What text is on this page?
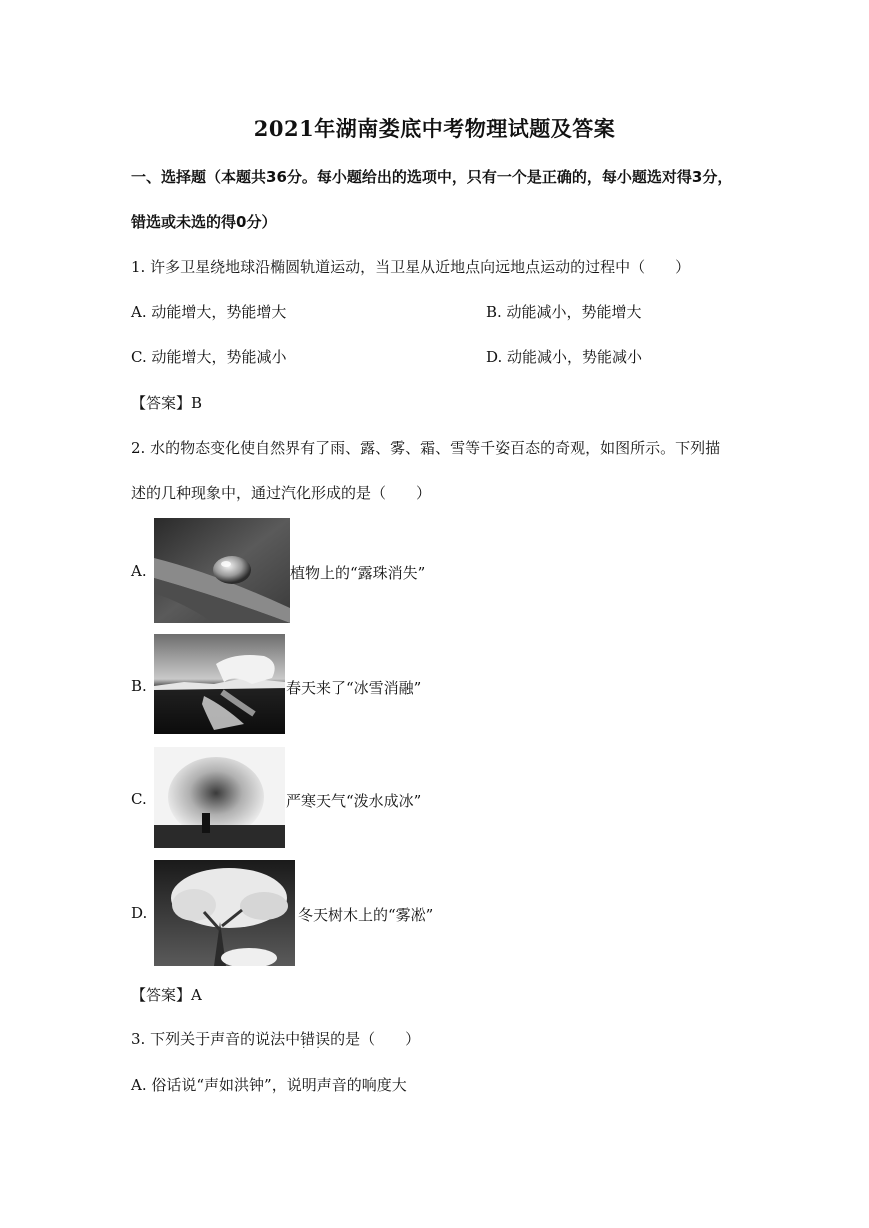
2021年湖南娄底中考物理试题及答案
一、选择题（本题共36分。每小题给出的选项中，只有一个是正确的，每小题选对得3分，
错选或未选的得0分）
1. 许多卫星绕地球沿椭圆轨道运动，当卫星从近地点向远地点运动的过程中（　　）
A. 动能增大，势能增大	B. 动能减小，势能增大
C. 动能增大，势能减小	D. 动能减小，势能减小
【答案】B
2. 水的物态变化使自然界有了雨、露、雾、霜、雪等千姿百态的奇观，如图所示。下列描
述的几种现象中，通过汽化形成的是（　　）
A.	植物上的“露珠消失”
B.	春天来了“冰雪消融”
C.	严寒天气“泼水成冰”
D.	冬天树木上的“雾凇”
【答案】A
3. 下列关于声音的说法中错误 · ·的是（　　）
A. 俗话说“声如洪钟”，说明声音的响度大
